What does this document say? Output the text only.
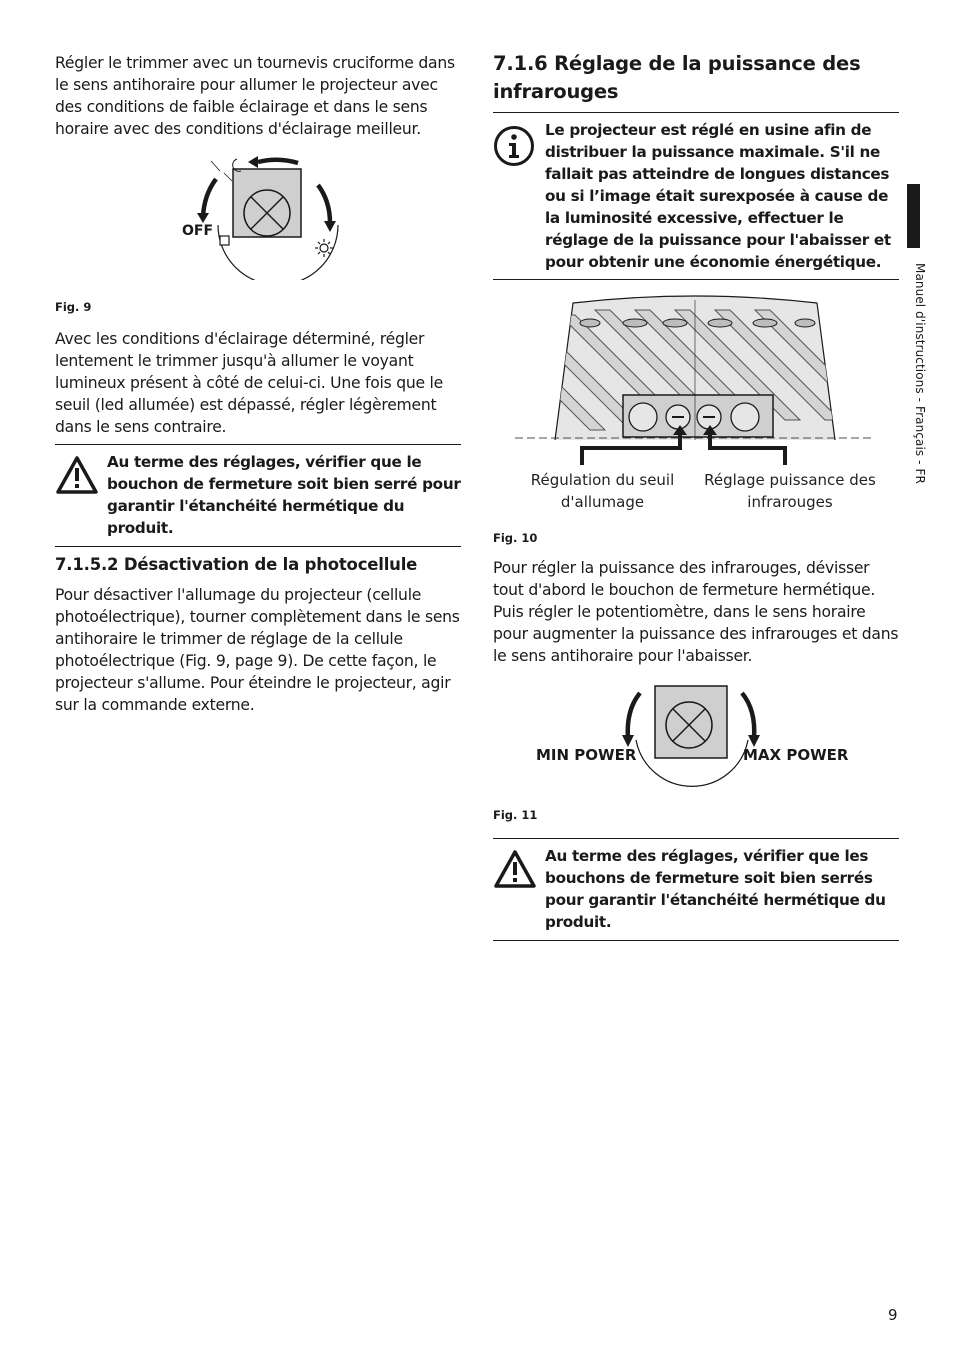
Régler le trimmer avec un tournevis cruciforme dans le sens antihoraire pour allumer le projecteur avec des conditions de faible éclairage et dans le sens horaire avec des conditions d'éclairage meilleur.

OFF
Fig. 9

Avec les conditions d'éclairage déterminé, régler lentement le trimmer jusqu'à allumer le voyant lumineux présent à côté de celui-ci. Une fois que le seuil (led allumée) est dépassé, régler légèrement dans le sens contraire.

Au terme des réglages, vérifier que le bouchon de fermeture soit bien serré pour garantir l'étanchéité hermétique du produit.
7.1.5.2 Désactivation de la photocellule

Pour désactiver l'allumage du projecteur (cellule photoélectrique), tourner complètement dans le sens antihoraire le trimmer de réglage de la cellule photoélectrique (Fig. 9, page 9). De cette façon, le projecteur s'allume. Pour éteindre le projecteur, agir sur la commande externe.

7.1.6 Réglage de la puissance des infrarouges
Le projecteur est réglé en usine afin de distribuer la puissance maximale. S'il ne fallait pas atteindre de longues distances ou si l’image était surexposée à cause de la luminosité excessive, effectuer le réglage de la puissance pour l'abaisser et pour obtenir une économie énergétique.
Régulation du seuil d'allumage
Réglage puissance des infrarouges
Fig. 10

Pour régler la puissance des infrarouges, dévisser tout d'abord le bouchon de fermeture hermétique. Puis régler le potentiomètre, dans le sens horaire pour augmenter la puissance des infrarouges et dans le sens antihoraire pour l'abaisser.

MIN POWER	MAX POWER
Fig. 11
Au terme des réglages, vérifier que les bouchons de fermeture soit bien serrés pour garantir l'étanchéité hermétique du produit.
Manuel d'instructions - Français - FR
9
